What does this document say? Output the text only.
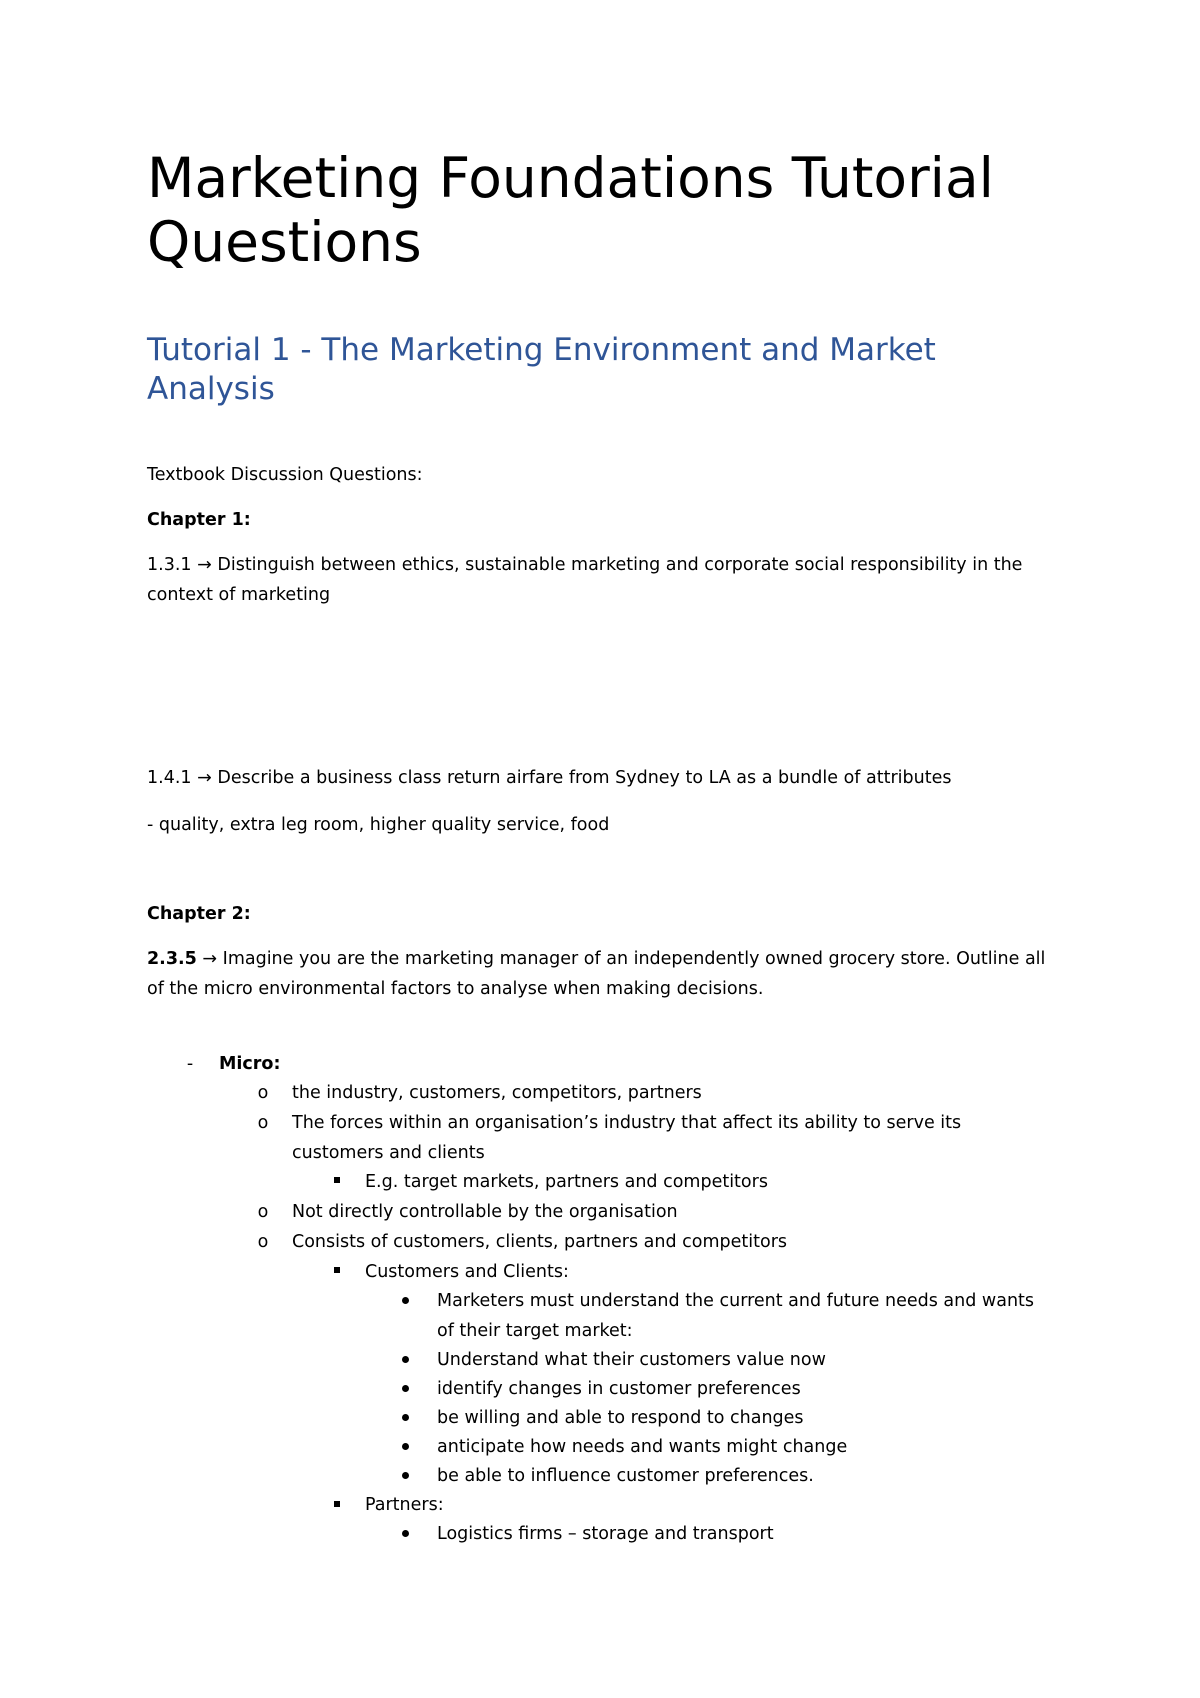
Marketing Foundations Tutorial Questions
Tutorial 1 - The Marketing Environment and Market Analysis

Textbook Discussion Questions:

Chapter 1:

1.3.1 → Distinguish between ethics, sustainable marketing and corporate social responsibility in the context of marketing

1.4.1 → Describe a business class return airfare from Sydney to LA as a bundle of attributes

- quality, extra leg room, higher quality service, food

Chapter 2:

2.3.5 → Imagine you are the marketing manager of an independently owned grocery store. Outline all of the micro environmental factors to analyse when making decisions.

-	Micro:
o the industry, customers, competitors, partners
o The forces within an organisation’s industry that affect its ability to serve its
customers and clients
E.g. target markets, partners and competitors
o Not directly controllable by the organisation
o Consists of customers, clients, partners and competitors
Customers and Clients:
Marketers must understand the current and future needs and wants
of their target market:
Understand what their customers value now
identify changes in customer preferences
be willing and able to respond to changes
anticipate how needs and wants might change
be able to influence customer preferences.
Partners:
Logistics firms – storage and transport
